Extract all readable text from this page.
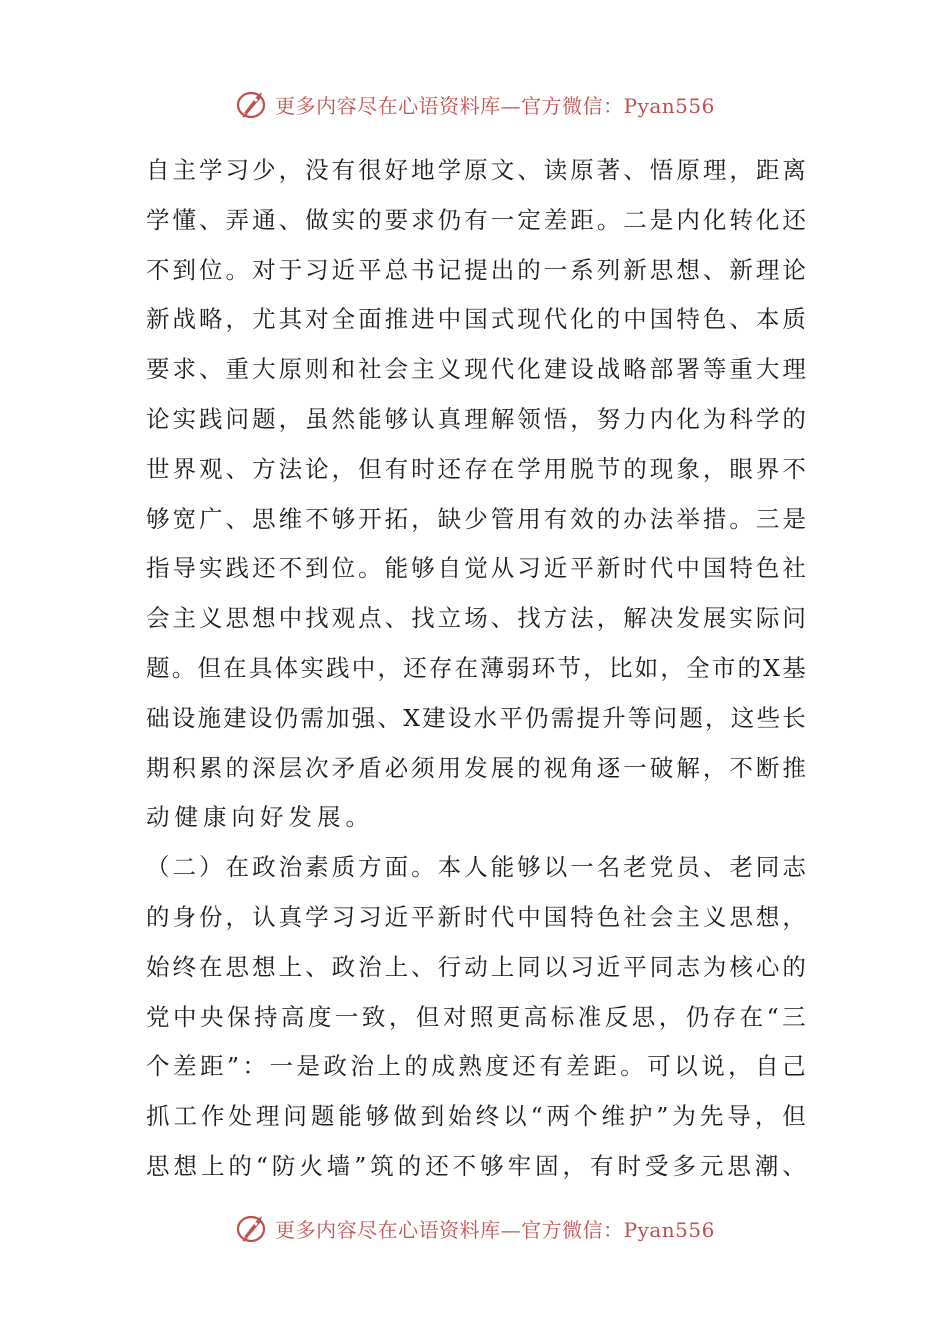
更多内容尽在心语资料库—官方微信：Pyan556
自 主 学 习 少 ， 没 有 很 好 地 学 原 文 、 读 原 著 、 悟 原 理 ， 距 离
学 懂 、 弄 通 、 做 实 的 要 求 仍 有 一 定 差 距 。 二 是 内 化 转 化 还
不 到 位 。 对 于 习 近 平 总 书 记 提 出 的 一 系 列 新 思 想 、 新 理 论
新 战 略 ， 尤 其 对 全 面 推 进 中 国 式 现 代 化 的 中 国 特 色 、 本 质
要 求 、 重 大 原 则 和 社 会 主 义 现 代 化 建 设 战 略 部 署 等 重 大 理
论 实 践 问 题 ， 虽 然 能 够 认 真 理 解 领 悟 ， 努 力 内 化 为 科 学 的
世 界 观 、 方 法 论 ， 但 有 时 还 存 在 学 用 脱 节 的 现 象 ， 眼 界 不
够 宽 广 、 思 维 不 够 开 拓 ， 缺 少 管 用 有 效 的 办 法 举 措 。 三 是
指 导 实 践 还 不 到 位 。 能 够 自 觉 从 习 近 平 新 时 代 中 国 特 色 社
会 主 义 思 想 中 找 观 点 、 找 立 场 、 找 方 法 ， 解 决 发 展 实 际 问
题 。 但 在 具 体 实 践 中 ， 还 存 在 薄 弱 环 节 ， 比 如 ， 全 市 的 X 基
础 设 施 建 设 仍 需 加 强 、 X 建 设 水 平 仍 需 提 升 等 问 题 ， 这 些 长
期 积 累 的 深 层 次 矛 盾 必 须 用 发 展 的 视 角 逐 一 破 解 ， 不 断 推
动健康向好发展。
（ 二 ） 在 政 治 素 质 方 面 。 本 人 能 够 以 一 名 老 党 员 、 老 同 志
的 身 份 ， 认 真 学 习 习 近 平 新 时 代 中 国 特 色 社 会 主 义 思 想 ，
始 终 在 思 想 上 、 政 治 上 、 行 动 上 同 以 习 近 平 同 志 为 核 心 的
党 中 央 保 持 高 度 一 致 ， 但 对 照 更 高 标 准 反 思 ， 仍 存 在 “ 三
个 差 距 ” ： 一 是 政 治 上 的 成 熟 度 还 有 差 距 。 可 以 说 ， 自 己
抓 工 作 处 理 问 题 能 够 做 到 始 终 以 “ 两 个 维 护 ” 为 先 导 ， 但
思 想 上 的 “ 防 火 墙 ” 筑 的 还 不 够 牢 固 ， 有 时 受 多 元 思 潮 、
更多内容尽在心语资料库—官方微信：Pyan556
